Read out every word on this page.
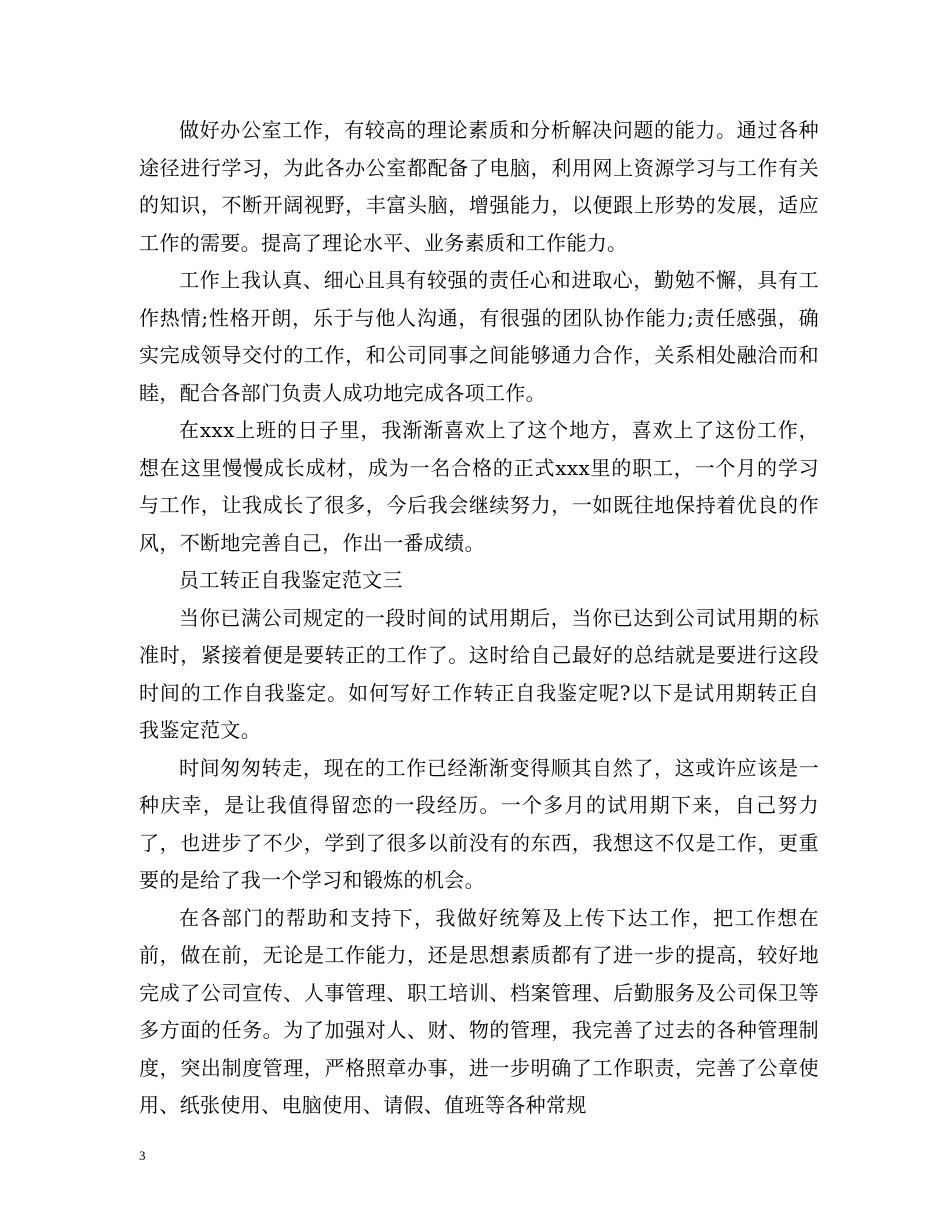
做好办公室工作，有较高的理论素质和分析解决问题的能力。通过各种途径进行学习，为此各办公室都配备了电脑，利用网上资源学习与工作有关的知识，不断开阔视野，丰富头脑，增强能力，以便跟上形势的发展，适应工作的需要。提高了理论水平、业务素质和工作能力。

工作上我认真、细心且具有较强的责任心和进取心，勤勉不懈，具有工作热情;性格开朗，乐于与他人沟通，有很强的团队协作能力;责任感强，确实完成领导交付的工作，和公司同事之间能够通力合作，关系相处融洽而和睦，配合各部门负责人成功地完成各项工作。

在xxx上班的日子里，我渐渐喜欢上了这个地方，喜欢上了这份工作，想在这里慢慢成长成材，成为一名合格的正式xxx里的职工，一个月的学习与工作，让我成长了很多，今后我会继续努力，一如既往地保持着优良的作风，不断地完善自己，作出一番成绩。

员工转正自我鉴定范文三

当你已满公司规定的一段时间的试用期后，当你已达到公司试用期的标准时，紧接着便是要转正的工作了。这时给自己最好的总结就是要进行这段时间的工作自我鉴定。如何写好工作转正自我鉴定呢?以下是试用期转正自我鉴定范文。

时间匆匆转走，现在的工作已经渐渐变得顺其自然了，这或许应该是一种庆幸，是让我值得留恋的一段经历。一个多月的试用期下来，自己努力了，也进步了不少，学到了很多以前没有的东西，我想这不仅是工作，更重要的是给了我一个学习和锻炼的机会。

在各部门的帮助和支持下，我做好统筹及上传下达工作，把工作想在前，做在前，无论是工作能力，还是思想素质都有了进一步的提高，较好地完成了公司宣传、人事管理、职工培训、档案管理、后勤服务及公司保卫等多方面的任务。为了加强对人、财、物的管理，我完善了过去的各种管理制度，突出制度管理，严格照章办事，进一步明确了工作职责，完善了公章使用、纸张使用、电脑使用、请假、值班等各种常规

3
